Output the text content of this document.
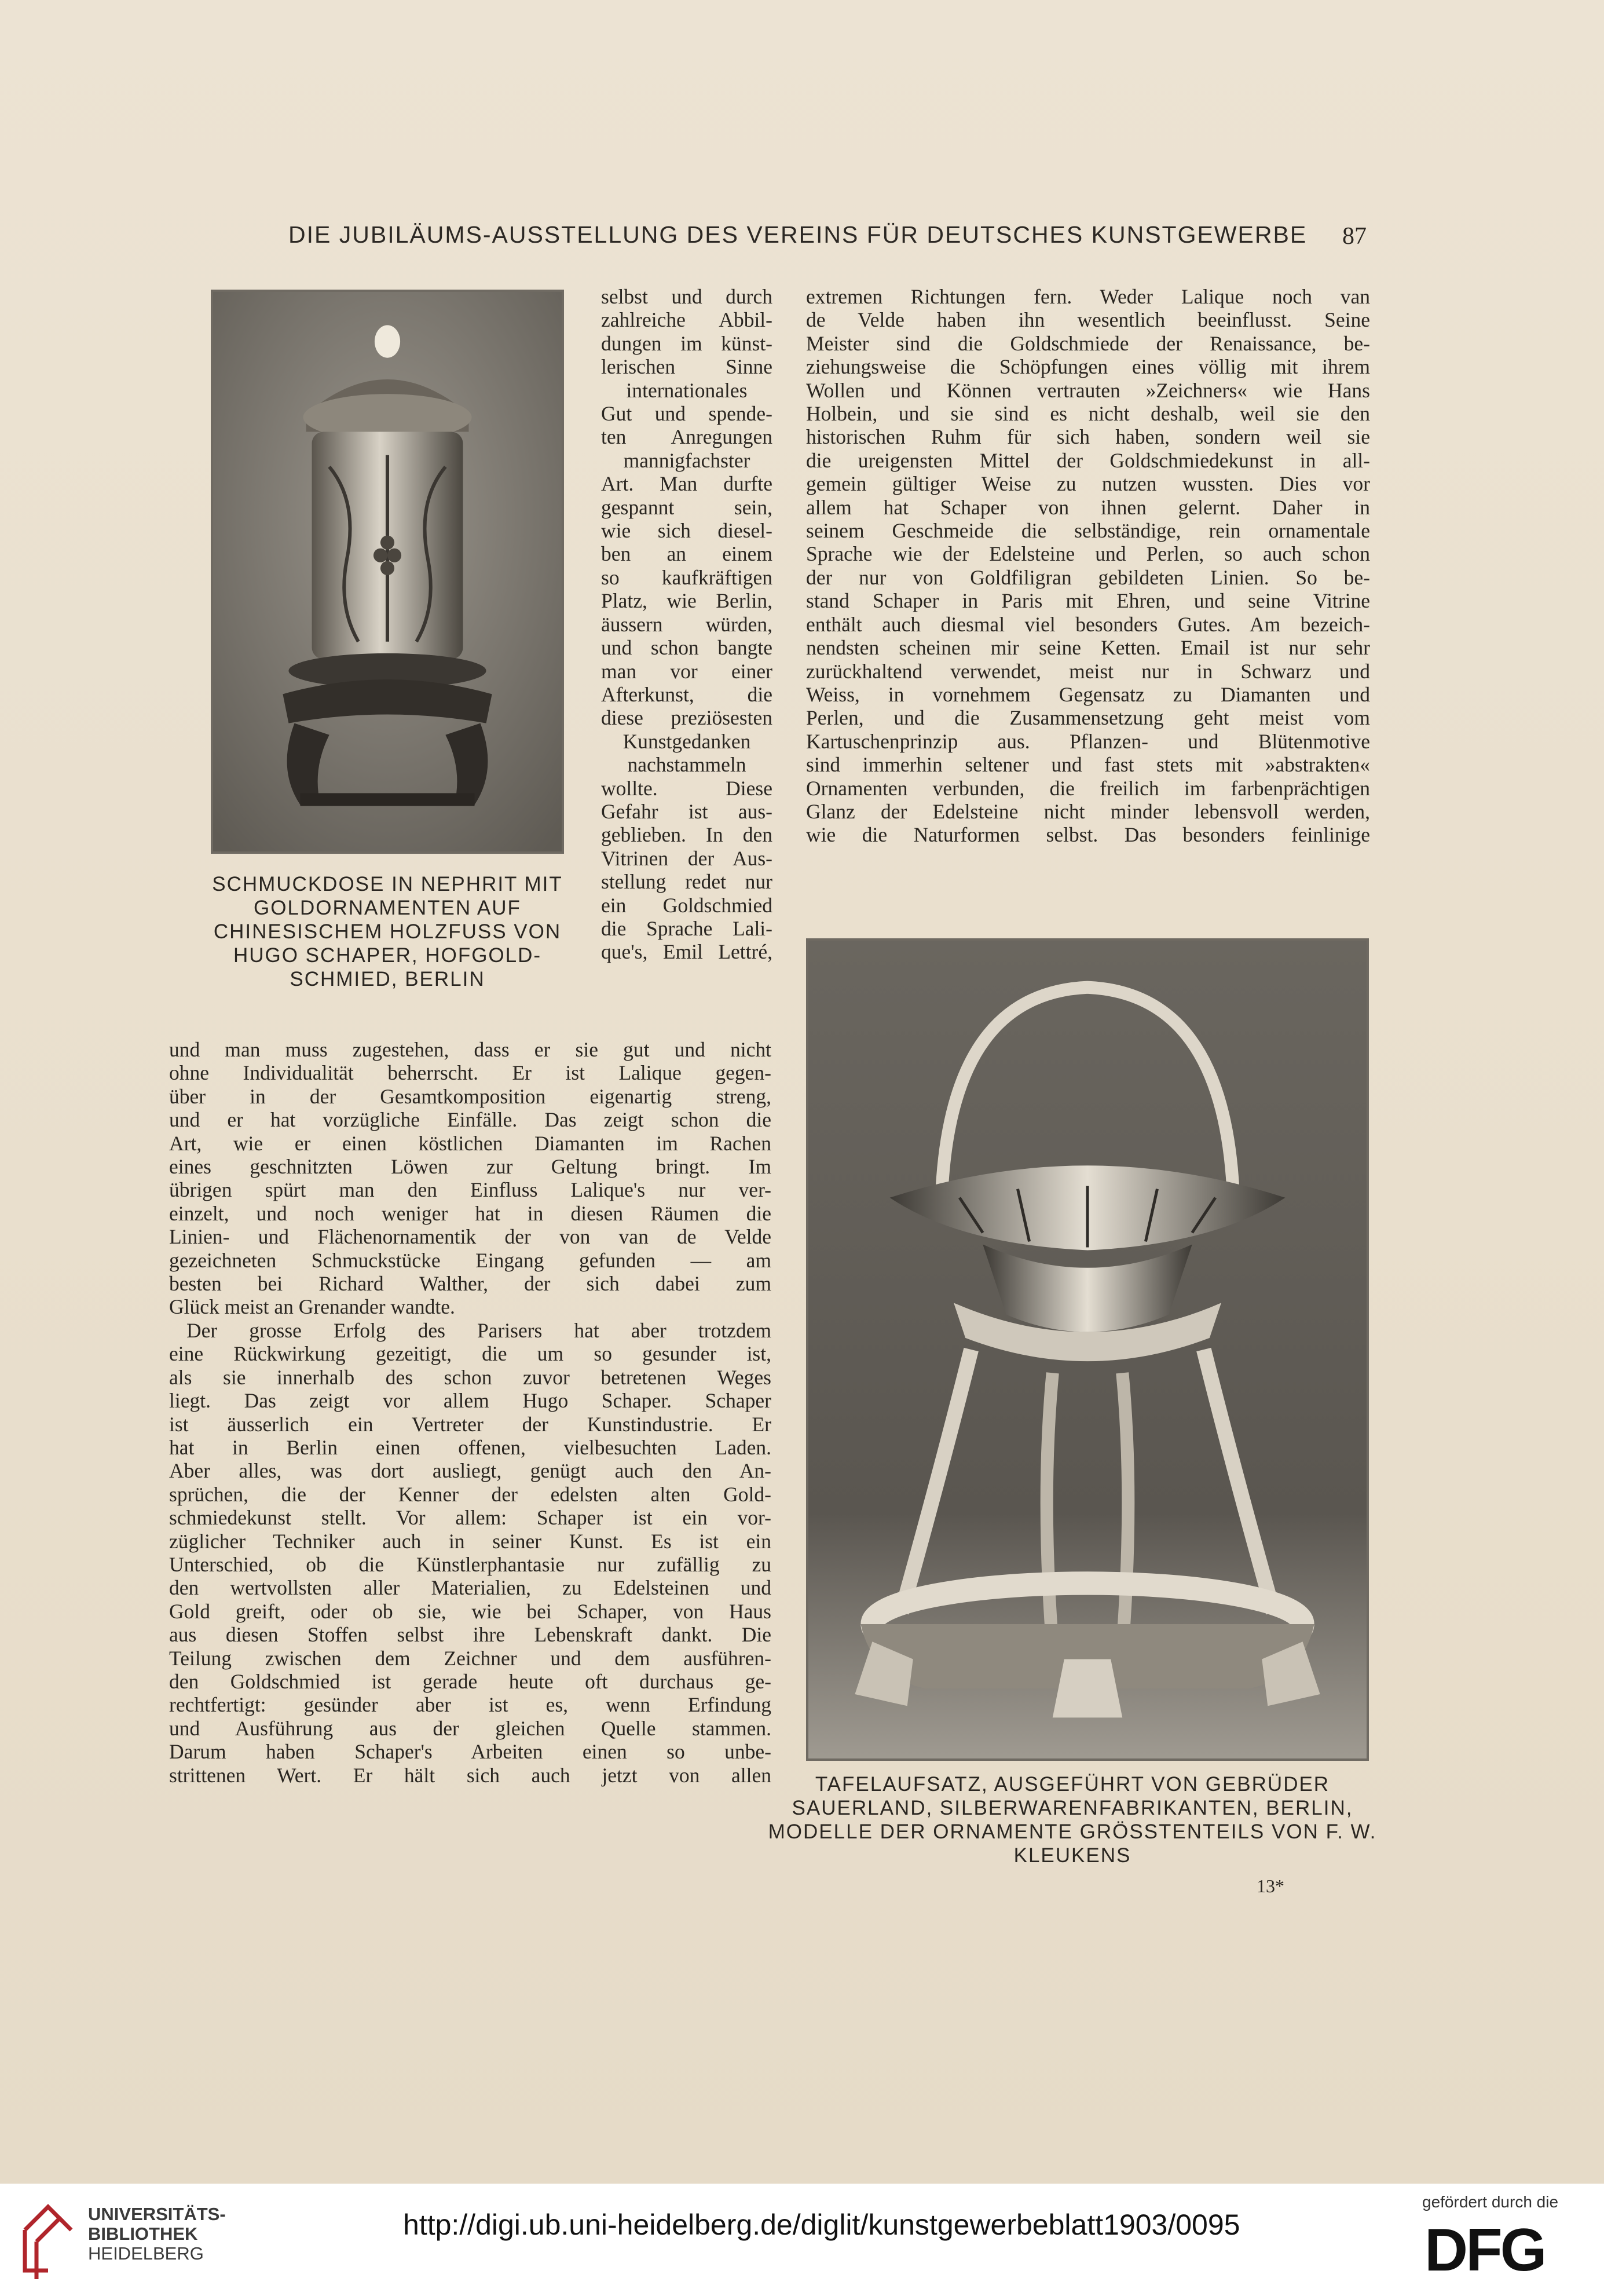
DIE JUBILÄUMS-AUSSTELLUNG DES VEREINS FÜR DEUTSCHES KUNSTGEWERBE	87
SCHMUCKDOSE IN NEPHRIT MIT GOLDORNAMENTEN AUF CHINESISCHEM HOLZFUSS VON HUGO SCHAPER, HOFGOLD-SCHMIED, BERLIN
selbst und durch
zahlreiche Abbil-
dungen im künst-
lerischen Sinne
internationales
Gut und spende-
ten Anregungen
mannigfachster
Art. Man durfte
gespannt sein,
wie sich diesel-
ben an einem
so kaufkräftigen
Platz, wie Berlin,
äussern würden,
und schon bangte
man vor einer
Afterkunst, die
diese preziösesten
Kunstgedanken
nachstammeln
wollte. Diese
Gefahr ist aus-
geblieben. In den
Vitrinen der Aus-
stellung redet nur
ein Goldschmied
die Sprache Lali-
que's, Emil Lettré,
und man muss zugestehen, dass er sie gut und nicht
ohne Individualität beherrscht. Er ist Lalique gegen-
über in der Gesamtkomposition eigenartig streng,
und er hat vorzügliche Einfälle. Das zeigt schon die
Art, wie er einen köstlichen Diamanten im Rachen
eines geschnitzten Löwen zur Geltung bringt. Im
übrigen spürt man den Einfluss Lalique's nur ver-
einzelt, und noch weniger hat in diesen Räumen die
Linien- und Flächenornamentik der von van de Velde
gezeichneten Schmuckstücke Eingang gefunden — am
besten bei Richard Walther, der sich dabei zum
Glück meist an Grenander wandte.
Der grosse Erfolg des Parisers hat aber trotzdem
eine Rückwirkung gezeitigt, die um so gesunder ist,
als sie innerhalb des schon zuvor betretenen Weges
liegt. Das zeigt vor allem Hugo Schaper. Schaper
ist äusserlich ein Vertreter der Kunstindustrie. Er
hat in Berlin einen offenen, vielbesuchten Laden.
Aber alles, was dort ausliegt, genügt auch den An-
sprüchen, die der Kenner der edelsten alten Gold-
schmiedekunst stellt. Vor allem: Schaper ist ein vor-
züglicher Techniker auch in seiner Kunst. Es ist ein
Unterschied, ob die Künstlerphantasie nur zufällig zu
den wertvollsten aller Materialien, zu Edelsteinen und
Gold greift, oder ob sie, wie bei Schaper, von Haus
aus diesen Stoffen selbst ihre Lebenskraft dankt. Die
Teilung zwischen dem Zeichner und dem ausführen-
den Goldschmied ist gerade heute oft durchaus ge-
rechtfertigt: gesünder aber ist es, wenn Erfindung
und Ausführung aus der gleichen Quelle stammen.
Darum haben Schaper's Arbeiten einen so unbe-
strittenen Wert. Er hält sich auch jetzt von allen
extremen Richtungen fern. Weder Lalique noch van
de Velde haben ihn wesentlich beeinflusst. Seine
Meister sind die Goldschmiede der Renaissance, be-
ziehungsweise die Schöpfungen eines völlig mit ihrem
Wollen und Können vertrauten »Zeichners« wie Hans
Holbein, und sie sind es nicht deshalb, weil sie den
historischen Ruhm für sich haben, sondern weil sie
die ureigensten Mittel der Goldschmiedekunst in all-
gemein gültiger Weise zu nutzen wussten. Dies vor
allem hat Schaper von ihnen gelernt. Daher in
seinem Geschmeide die selbständige, rein ornamentale
Sprache wie der Edelsteine und Perlen, so auch schon
der nur von Goldfiligran gebildeten Linien. So be-
stand Schaper in Paris mit Ehren, und seine Vitrine
enthält auch diesmal viel besonders Gutes. Am bezeich-
nendsten scheinen mir seine Ketten. Email ist nur sehr
zurückhaltend verwendet, meist nur in Schwarz und
Weiss, in vornehmem Gegensatz zu Diamanten und
Perlen, und die Zusammensetzung geht meist vom
Kartuschenprinzip aus. Pflanzen- und Blütenmotive
sind immerhin seltener und fast stets mit »abstrakten«
Ornamenten verbunden, die freilich im farbenprächtigen
Glanz der Edelsteine nicht minder lebensvoll werden,
wie die Naturformen selbst. Das besonders feinlinige
TAFELAUFSATZ, AUSGEFÜHRT VON GEBRÜDER SAUERLAND, SILBERWARENFABRIKANTEN, BERLIN, MODELLE DER ORNAMENTE GRÖSSTENTEILS VON F. W. KLEUKENS
13*
UNIVERSITÄTS-
BIBLIOTHEK
HEIDELBERG
http://digi.ub.uni-heidelberg.de/diglit/kunstgewerbeblatt1903/0095
gefördert durch die
DFG
